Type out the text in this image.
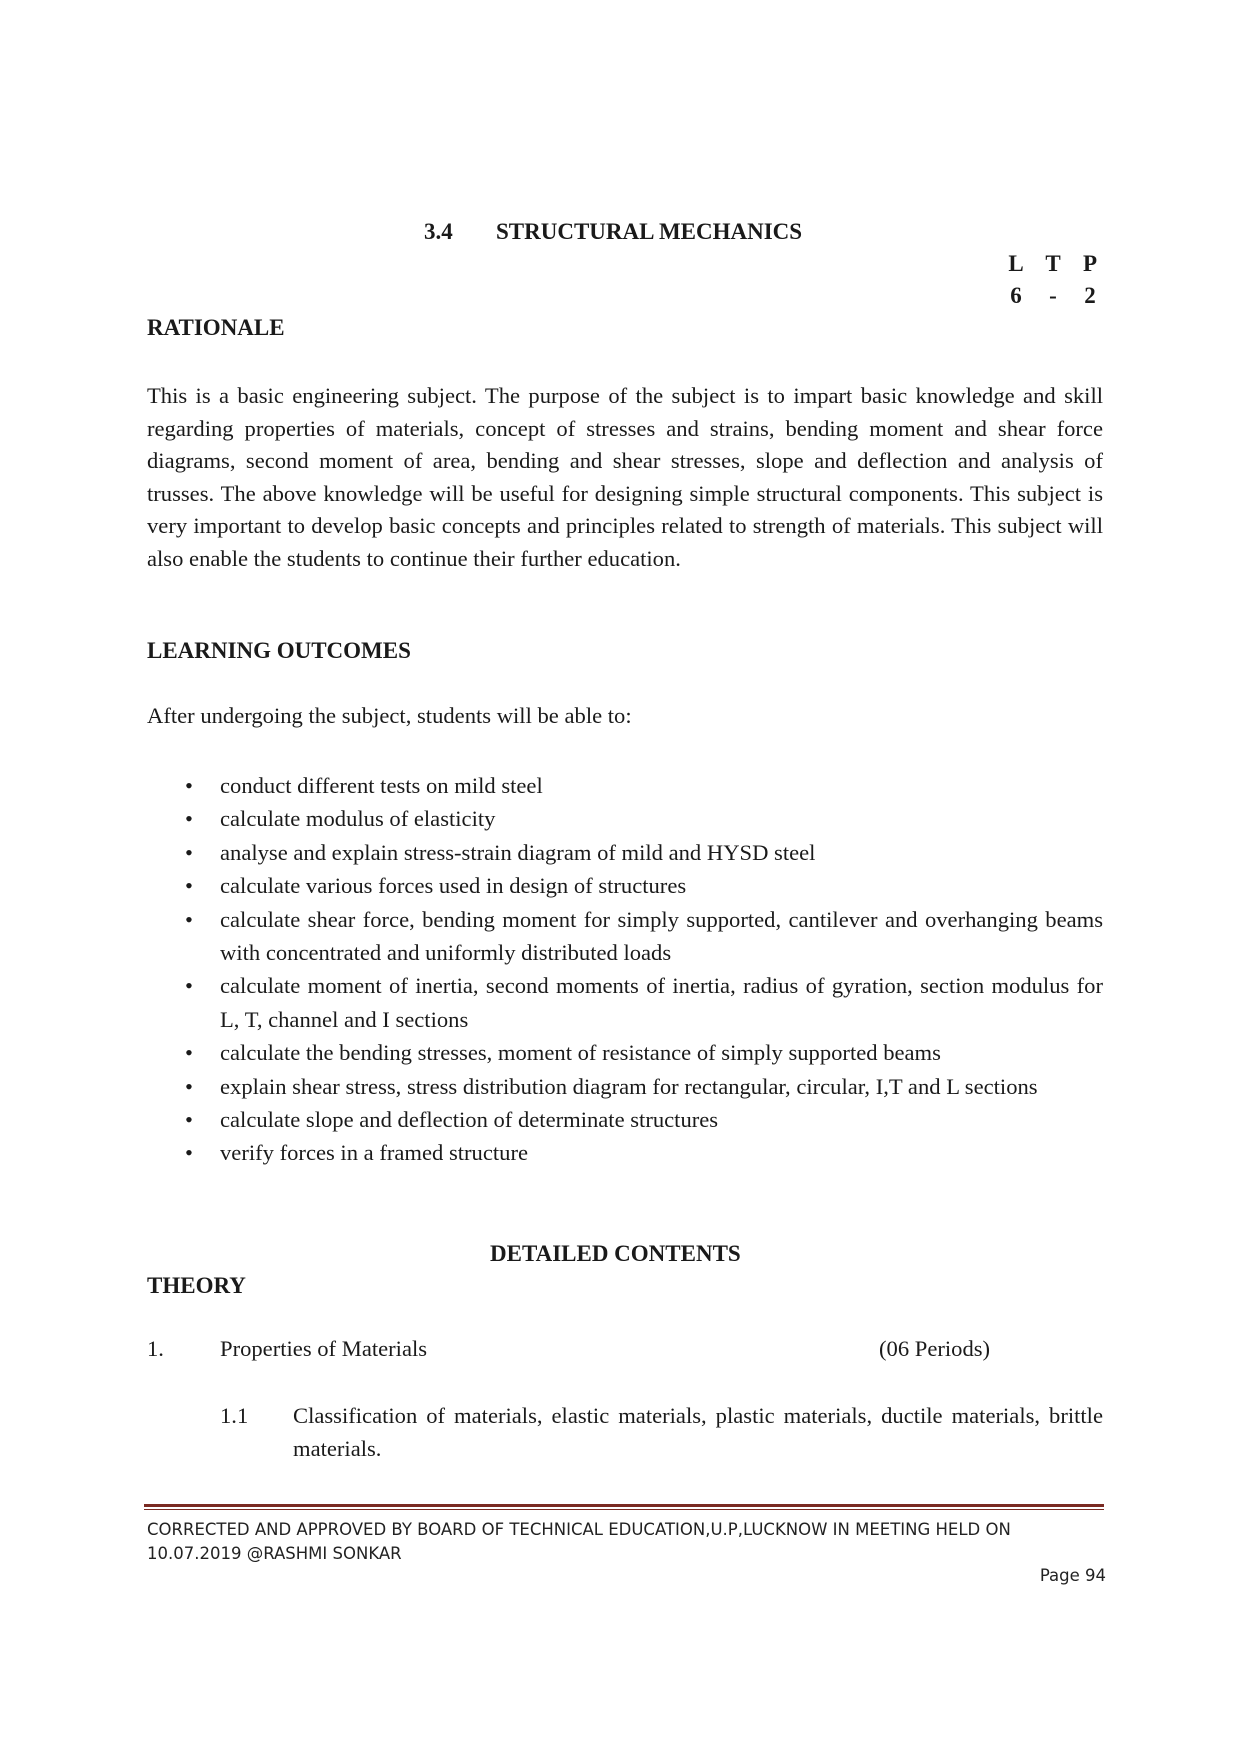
3.4 STRUCTURAL MECHANICS
L T P
6	-	2
RATIONALE

This is a basic engineering subject. The purpose of the subject is to impart basic knowledge and skill regarding properties of materials, concept of stresses and strains, bending moment and shear force diagrams, second moment of area, bending and shear stresses, slope and deflection and analysis of trusses. The above knowledge will be useful for designing simple structural components. This subject is very important to develop basic concepts and principles related to strength of materials. This subject will also enable the students to continue their further education.

LEARNING OUTCOMES
After undergoing the subject, students will be able to:
• conduct different tests on mild steel
• calculate modulus of elasticity
• analyse and explain stress-strain diagram of mild and HYSD steel
• calculate various forces used in design of structures
• calculate shear force, bending moment for simply supported, cantilever and overhanging beams with concentrated and uniformly distributed loads
• calculate moment of inertia, second moments of inertia, radius of gyration, section modulus for L, T, channel and I sections
• calculate the bending stresses, moment of resistance of simply supported beams
• explain shear stress, stress distribution diagram for rectangular, circular, I,T and L sections
• calculate slope and deflection of determinate structures
• verify forces in a framed structure
DETAILED CONTENTS
THEORY
1. Properties of Materials	(06 Periods)
1.1 Classification of materials, elastic materials, plastic materials, ductile materials, brittle materials.
CORRECTED AND APPROVED BY BOARD OF TECHNICAL EDUCATION,U.P,LUCKNOW IN MEETING HELD ON 10.07.2019 @RASHMI SONKAR
Page 94
